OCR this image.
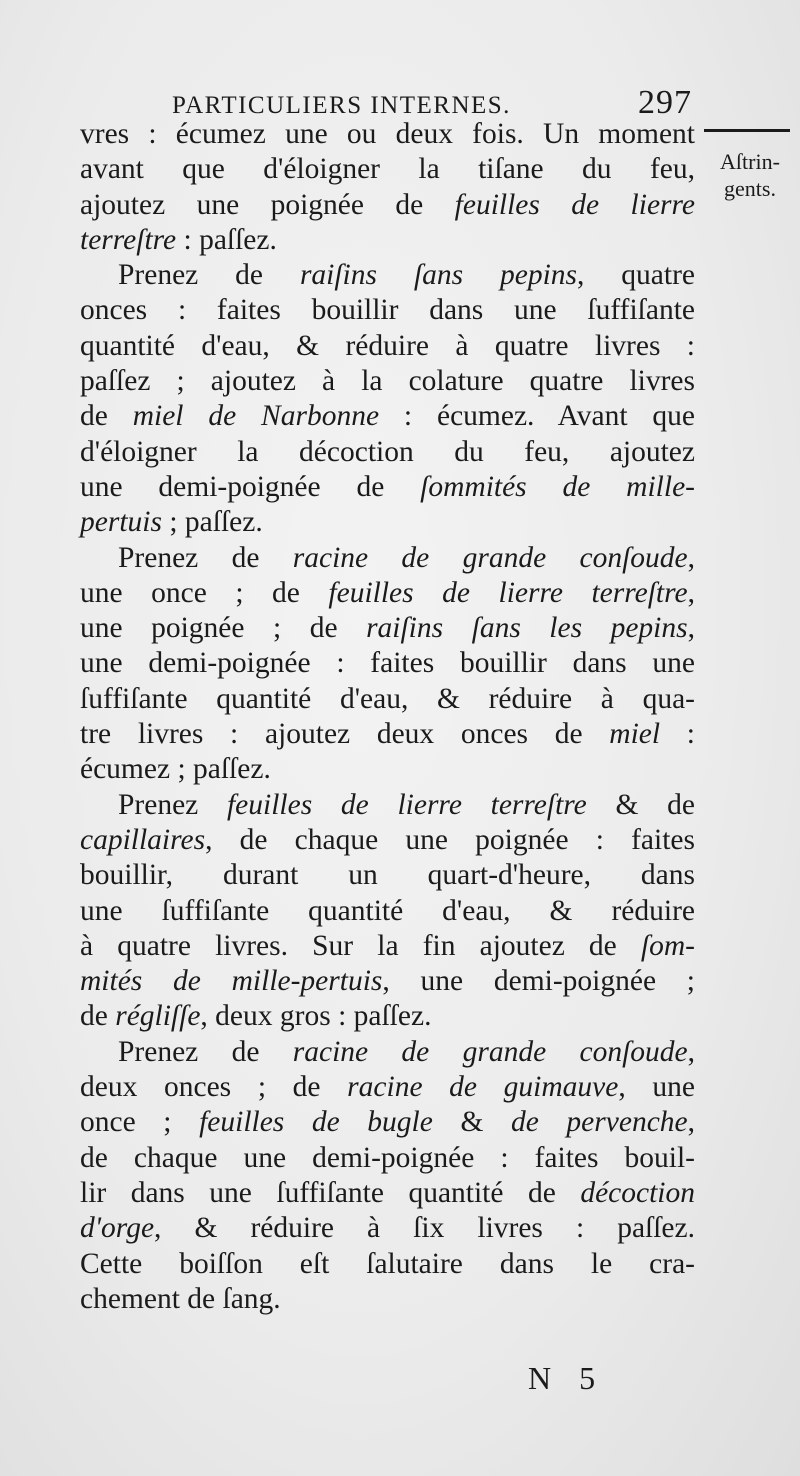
PARTICULIERS INTERNES.	297
Aſtrin-
gents.
vres : écumez une ou deux fois. Un moment
avant que d'éloigner la tiſane du feu,
ajoutez une poignée de feuilles de lierre
terreſtre : paſſez.
Prenez de raiſins ſans pepins, quatre
onces : faites bouillir dans une ſuffiſante
quantité d'eau, & réduire à quatre livres :
paſſez ; ajoutez à la colature quatre livres
de miel de Narbonne : écumez. Avant que
d'éloigner la décoction du feu, ajoutez
une demi-poignée de ſommités de mille-
pertuis ; paſſez.
Prenez de racine de grande conſoude,
une once ; de feuilles de lierre terreſtre,
une poignée ; de raiſins ſans les pepins,
une demi-poignée : faites bouillir dans une
ſuffiſante quantité d'eau, & réduire à qua-
tre livres : ajoutez deux onces de miel :
écumez ; paſſez.
Prenez feuilles de lierre terreſtre & de
capillaires, de chaque une poignée : faites
bouillir, durant un quart-d'heure, dans
une ſuffiſante quantité d'eau, & réduire
à quatre livres. Sur la fin ajoutez de ſom-
mités de mille-pertuis, une demi-poignée ;
de régliſſe, deux gros : paſſez.
Prenez de racine de grande conſoude,
deux onces ; de racine de guimauve, une
once ; feuilles de bugle & de pervenche,
de chaque une demi-poignée : faites bouil-
lir dans une ſuffiſante quantité de décoction
d'orge, & réduire à ſix livres : paſſez.
Cette boiſſon eſt ſalutaire dans le cra-
chement de ſang.
N 5
